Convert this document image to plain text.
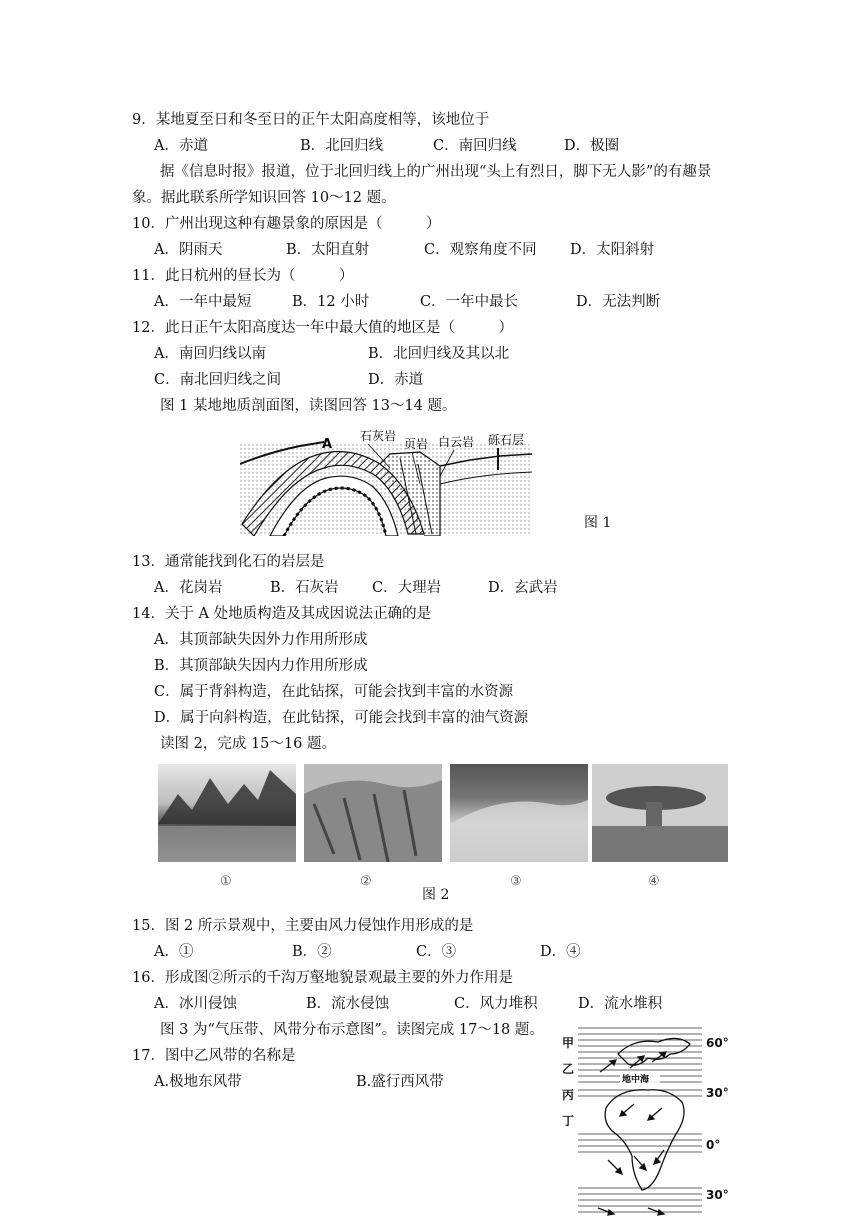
9．某地夏至日和冬至日的正午太阳高度相等，该地位于
A．赤道	B．北回归线	C．南回归线	D．极圈
据《信息时报》报道，位于北回归线上的广州出现“头上有烈日，脚下无人影”的有趣景
象。据此联系所学知识回答 10～12 题。
10．广州出现这种有趣景象的原因是（　　　）
A．阴雨天	B．太阳直射	C．观察角度不同 D．太阳斜射
11．此日杭州的昼长为（　　　）
A．一年中最短	B．12 小时	C．一年中最长	D．无法判断
12．此日正午太阳高度达一年中最大值的地区是（　　　）
A．南回归线以南	B．北回归线及其以北
C．南北回归线之间	D．赤道
图 1 某地地质剖面图，读图回答 13～14 题。
A
石灰岩
页岩 白云岩 砾石层
图 1
13．通常能找到化石的岩层是
A．花岗岩	B．石灰岩 C．大理岩	D．玄武岩
14．关于 A 处地质构造及其成因说法正确的是
A．其顶部缺失因外力作用所形成
B．其顶部缺失因内力作用所形成
C．属于背斜构造，在此钻探，可能会找到丰富的水资源
D．属于向斜构造，在此钻探，可能会找到丰富的油气资源
读图 2，完成 15～16 题。
①	②	③	④
图 2
15．图 2 所示景观中，主要由风力侵蚀作用形成的是
A．①	B．②	C．③	D．④
16．形成图②所示的千沟万壑地貌景观最主要的外力作用是
A．冰川侵蚀	B．流水侵蚀	C．风力堆积	D．流水堆积
图 3 为“气压带、风带分布示意图”。读图完成 17～18 题。
17．图中乙风带的名称是
A.极地东风带	B.盛行西风带
甲
乙
丙
丁
地中海
60°
30°
0°
30°
